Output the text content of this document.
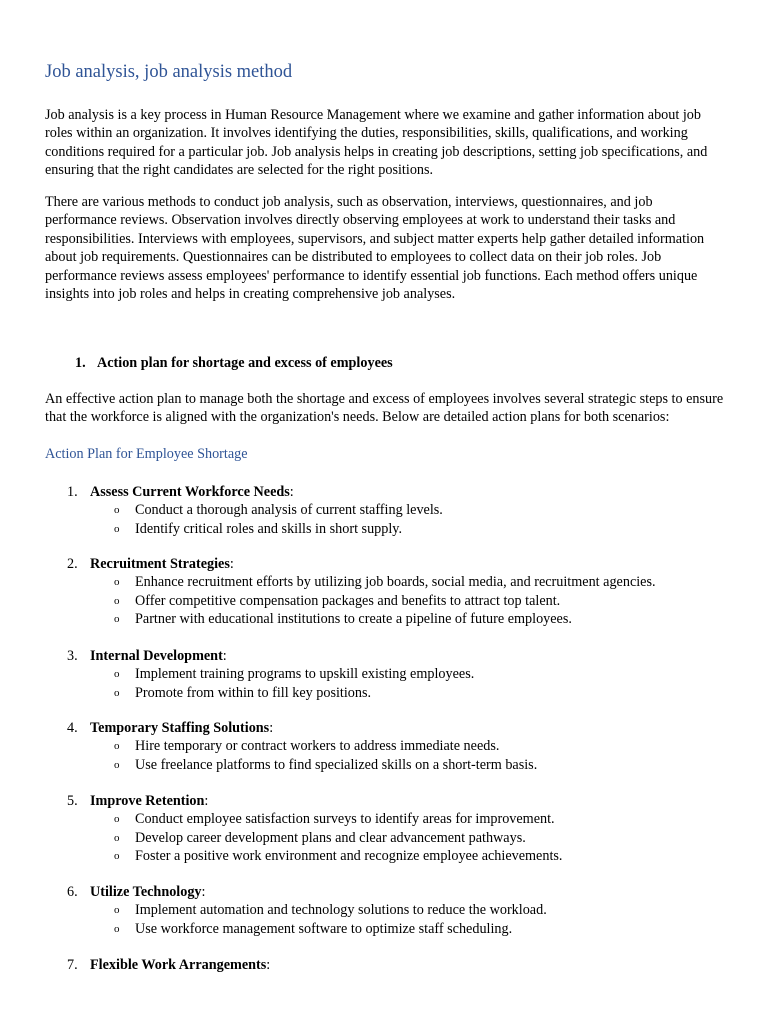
Job analysis, job analysis method

Job analysis is a key process in Human Resource Management where we examine and gather information about job roles within an organization. It involves identifying the duties, responsibilities, skills, qualifications, and working conditions required for a particular job. Job analysis helps in creating job descriptions, setting job specifications, and ensuring that the right candidates are selected for the right positions.

There are various methods to conduct job analysis, such as observation, interviews, questionnaires, and job performance reviews. Observation involves directly observing employees at work to understand their tasks and responsibilities. Interviews with employees, supervisors, and subject matter experts help gather detailed information about job requirements. Questionnaires can be distributed to employees to collect data on their job roles. Job performance reviews assess employees' performance to identify essential job functions. Each method offers unique insights into job roles and helps in creating comprehensive job analyses.

1. Action plan for shortage and excess of employees

An effective action plan to manage both the shortage and excess of employees involves several strategic steps to ensure that the workforce is aligned with the organization's needs. Below are detailed action plans for both scenarios:

Action Plan for Employee Shortage
1. Assess Current Workforce Needs:
o Conduct a thorough analysis of current staffing levels.
o Identify critical roles and skills in short supply.
2. Recruitment Strategies:
o Enhance recruitment efforts by utilizing job boards, social media, and recruitment agencies.
o Offer competitive compensation packages and benefits to attract top talent.
o Partner with educational institutions to create a pipeline of future employees.
3. Internal Development:
o Implement training programs to upskill existing employees.
o Promote from within to fill key positions.
4. Temporary Staffing Solutions:
o Hire temporary or contract workers to address immediate needs.
o Use freelance platforms to find specialized skills on a short-term basis.
5. Improve Retention:
o Conduct employee satisfaction surveys to identify areas for improvement.
o Develop career development plans and clear advancement pathways.
o Foster a positive work environment and recognize employee achievements.
6. Utilize Technology:
o Implement automation and technology solutions to reduce the workload.
o Use workforce management software to optimize staff scheduling.
7. Flexible Work Arrangements:
